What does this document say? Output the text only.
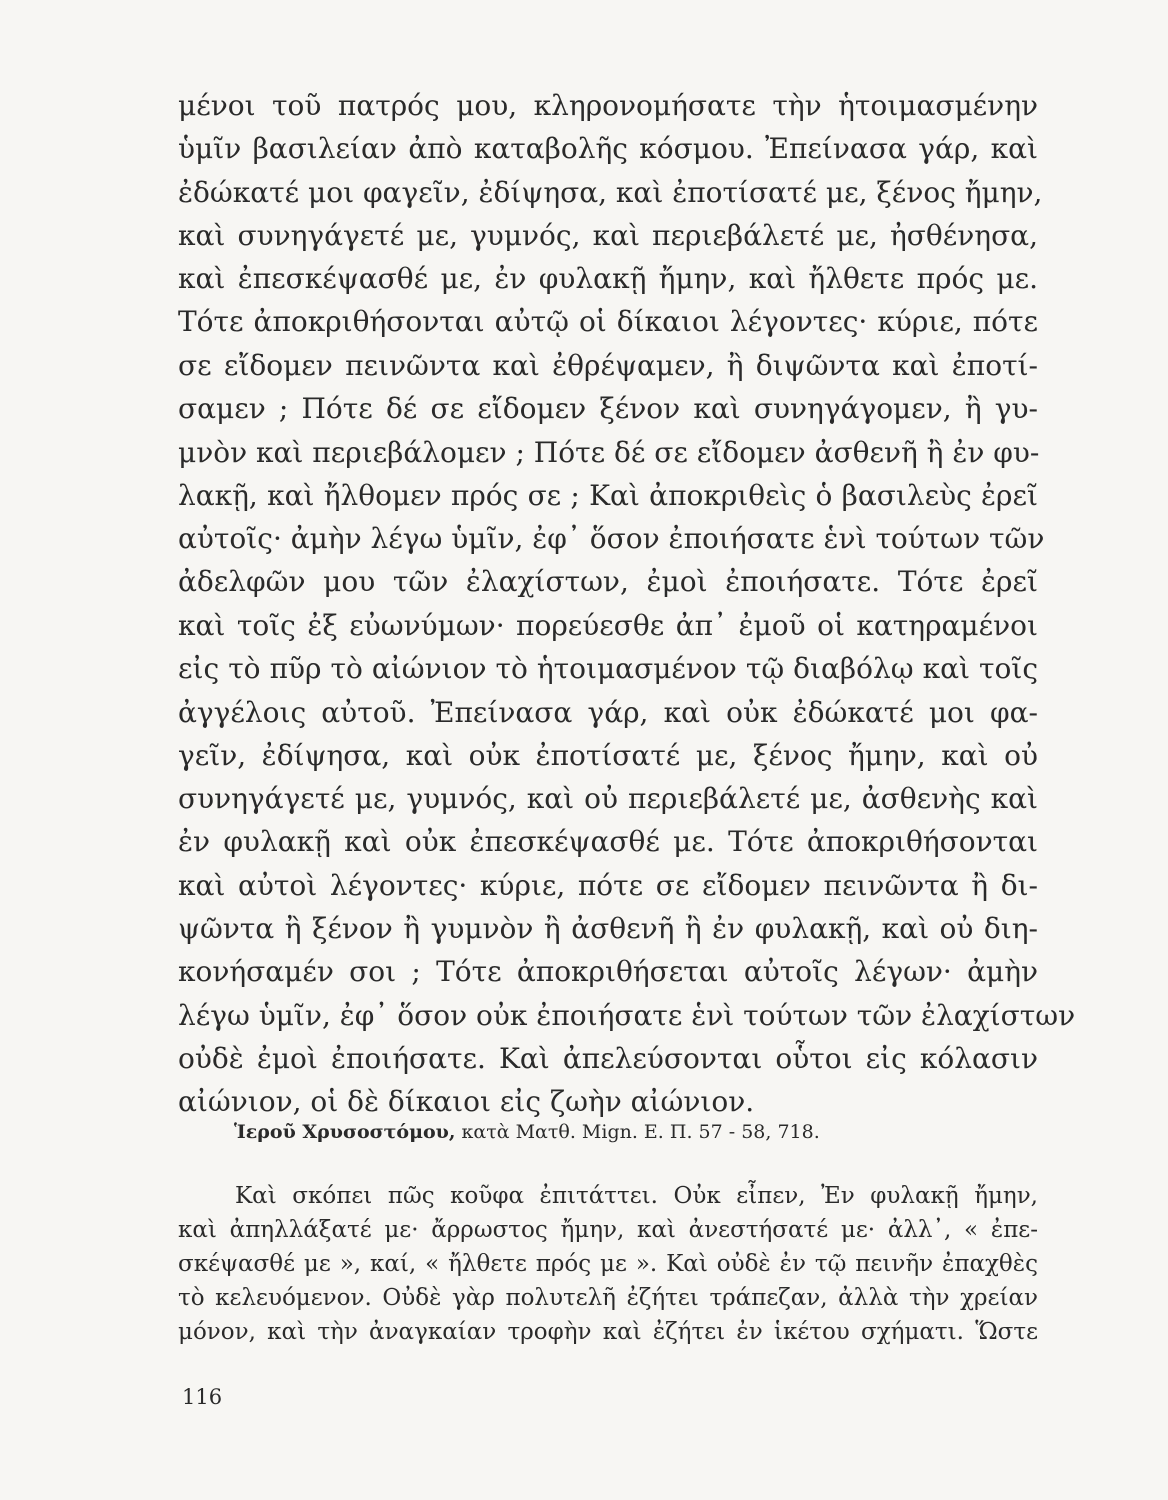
μένοι τοῦ πατρός μου, κληρονομήσατε τὴν ἡτοιμασμένην
ὑμῖν βασιλείαν ἀπὸ καταβολῆς κόσμου. Ἐπείνασα γάρ, καὶ
ἐδώκατέ μοι φαγεῖν, ἐδίψησα, καὶ ἐποτίσατέ με, ξένος ἤμην,
καὶ συνηγάγετέ με, γυμνός, καὶ περιεβάλετέ με, ἠσθένησα,
καὶ ἐπεσκέψασθέ με, ἐν φυλακῇ ἤμην, καὶ ἤλθετε πρός με.
Τότε ἀποκριθήσονται αὐτῷ οἱ δίκαιοι λέγοντες· κύριε, πότε
σε εἴδομεν πεινῶντα καὶ ἐθρέψαμεν, ἢ διψῶντα καὶ ἐποτί-
σαμεν ; Πότε δέ σε εἴδομεν ξένον καὶ συνηγάγομεν, ἢ γυ-
μνὸν καὶ περιεβάλομεν ; Πότε δέ σε εἴδομεν ἀσθενῆ ἢ ἐν φυ-
λακῇ, καὶ ἤλθομεν πρός σε ; Καὶ ἀποκριθεὶς ὁ βασιλεὺς ἐρεῖ
αὐτοῖς· ἀμὴν λέγω ὑμῖν, ἐφ᾽ ὅσον ἐποιήσατε ἑνὶ τούτων τῶν
ἀδελφῶν μου τῶν ἐλαχίστων, ἐμοὶ ἐποιήσατε. Τότε ἐρεῖ
καὶ τοῖς ἐξ εὐωνύμων· πορεύεσθε ἀπ᾽ ἐμοῦ οἱ κατηραμένοι
εἰς τὸ πῦρ τὸ αἰώνιον τὸ ἡτοιμασμένον τῷ διαβόλῳ καὶ τοῖς
ἀγγέλοις αὐτοῦ. Ἐπείνασα γάρ, καὶ οὐκ ἐδώκατέ μοι φα-
γεῖν, ἐδίψησα, καὶ οὐκ ἐποτίσατέ με, ξένος ἤμην, καὶ οὐ
συνηγάγετέ με, γυμνός, καὶ οὐ περιεβάλετέ με, ἀσθενὴς καὶ
ἐν φυλακῇ καὶ οὐκ ἐπεσκέψασθέ με. Τότε ἀποκριθήσονται
καὶ αὐτοὶ λέγοντες· κύριε, πότε σε εἴδομεν πεινῶντα ἢ δι-
ψῶντα ἢ ξένον ἢ γυμνὸν ἢ ἀσθενῆ ἢ ἐν φυλακῇ, καὶ οὐ διη-
κονήσαμέν σοι ; Τότε ἀποκριθήσεται αὐτοῖς λέγων· ἀμὴν
λέγω ὑμῖν, ἐφ᾽ ὅσον οὐκ ἐποιήσατε ἑνὶ τούτων τῶν ἐλαχίστων
οὐδὲ ἐμοὶ ἐποιήσατε. Καὶ ἀπελεύσονται οὗτοι εἰς κόλασιν
αἰώνιον, οἱ δὲ δίκαιοι εἰς ζωὴν αἰώνιον.
Ἱεροῦ Χρυσοστόμου, κατὰ Ματθ. Mign. E. Π. 57 - 58, 718.
Καὶ σκόπει πῶς κοῦφα ἐπιτάττει. Οὐκ εἶπεν, Ἐν φυλακῇ ἤμην,
καὶ ἀπηλλάξατέ με· ἄρρωστος ἤμην, καὶ ἀνεστήσατέ με· ἀλλ᾽, « ἐπε-
σκέψασθέ με », καί, « ἤλθετε πρός με ». Καὶ οὐδὲ ἐν τῷ πεινῆν ἐπαχθὲς
τὸ κελευόμενον. Οὐδὲ γὰρ πολυτελῆ ἐζήτει τράπεζαν, ἀλλὰ τὴν χρείαν
μόνον, καὶ τὴν ἀναγκαίαν τροφὴν καὶ ἐζήτει ἐν ἱκέτου σχήματι. Ὥστε
116
